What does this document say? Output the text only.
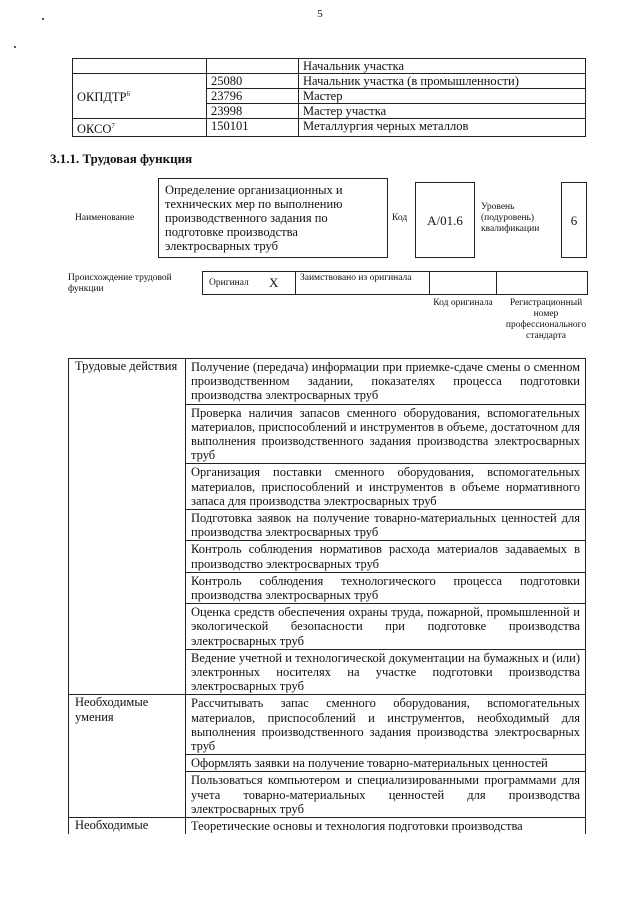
5
		Начальник участка
ОКПДТР$^6$	25080	Начальник участка (в промышленности)
	23796	Мастер
	23998	Мастер участка
ОКСО$^7$	150101	Металлургия черных металлов
3.1.1. Трудовая функция
Наименование
Определение организационных и технических мер по выполнению производственного задания по подготовке производства электросварных труб
Код	А/01.6
Уровень (подуровень) квалификации
6
Происхождение трудовой функции
Оригинал X Заимствовано из оригинала
Код оригинала	Регистрационный номер профессионального стандарта
Трудовые действия	Получение (передача) информации при приемке-сдаче смены о сменном производственном задании, показателях процесса подготовки производства электросварных труб
	Проверка наличия запасов сменного оборудования, вспомогательных материалов, приспособлений и инструментов в объеме, достаточном для выполнения производственного задания производства электросварных труб
	Организация поставки сменного оборудования, вспомогательных материалов, приспособлений и инструментов в объеме нормативного запаса для производства электросварных труб
	Подготовка заявок на получение товарно-материальных ценностей для производства электросварных труб
	Контроль соблюдения нормативов расхода материалов задаваемых в производство электросварных труб
	Контроль соблюдения технологического процесса подготовки производства электросварных труб
	Оценка средств обеспечения охраны труда, пожарной, промышленной и экологической безопасности при подготовке производства электросварных труб
	Ведение учетной и технологической документации на бумажных и (или) электронных носителях на участке подготовки производства электросварных труб
Необходимые умения	Рассчитывать запас сменного оборудования, вспомогательных материалов, приспособлений и инструментов, необходимый для выполнения производственного задания производства электросварных труб
	Оформлять заявки на получение товарно-материальных ценностей
	Пользоваться компьютером и специализированными программами для учета товарно-материальных ценностей для производства электросварных труб
Необходимые	Теоретические основы и технология подготовки производства
